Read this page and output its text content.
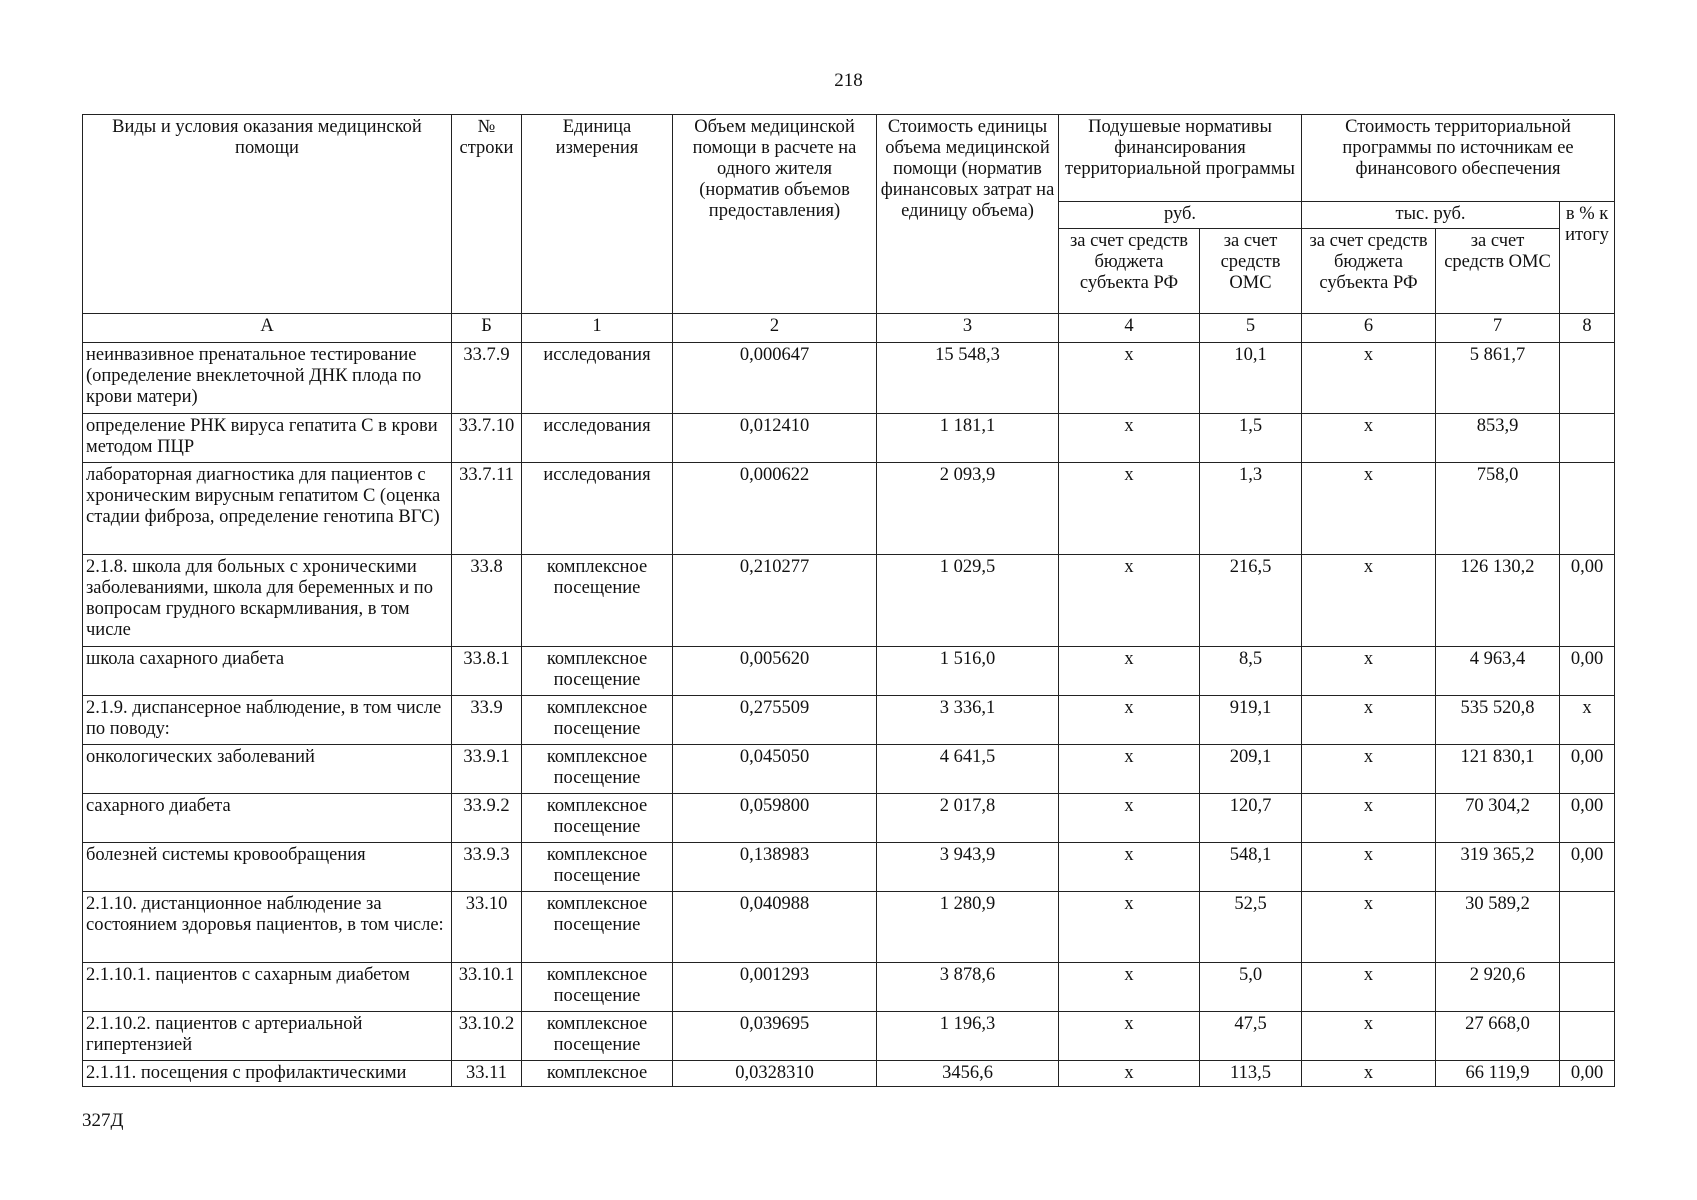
218
Виды и условия оказания медицинской помощи	№ строки	Единица измерения	Объем медицинской помощи в расчете на одного жителя (норматив объемов предоставления)	Стоимость единицы объема медицинской помощи (норматив финансовых затрат на единицу объема)	Подушевые нормативы финансирования территориальной программы		Стоимость территориальной программы по источникам ее финансового обеспечения		
					руб.		тыс. руб.		в % к итогу
					за счет средств бюджета субъекта РФ	за счет средств ОМС	за счет средств бюджета субъекта РФ	за счет средств ОМС	
А	Б	1	2	3	4	5	6	7	8
неинвазивное пренатальное тестирование (определение внеклеточной ДНК плода по крови матери)	33.7.9	исследования	0,000647	15 548,3	x	10,1	x	5 861,7	
определение РНК вируса гепатита С в крови методом ПЦР	33.7.10	исследования	0,012410	1 181,1	x	1,5	x	853,9	
лабораторная диагностика для пациентов с хроническим вирусным гепатитом С (оценка стадии фиброза, определение генотипа ВГС)	33.7.11	исследования	0,000622	2 093,9	x	1,3	x	758,0	
2.1.8. школа для больных с хроническими заболеваниями, школа для беременных и по вопросам грудного вскармливания, в том числе	33.8	комплексное посещение	0,210277	1 029,5	x	216,5	x	126 130,2	0,00
школа сахарного диабета	33.8.1	комплексное посещение	0,005620	1 516,0	x	8,5	x	4 963,4	0,00
2.1.9. диспансерное наблюдение, в том числе по поводу:	33.9	комплексное посещение	0,275509	3 336,1	x	919,1	x	535 520,8	x
онкологических заболеваний	33.9.1	комплексное посещение	0,045050	4 641,5	x	209,1	x	121 830,1	0,00
сахарного диабета	33.9.2	комплексное посещение	0,059800	2 017,8	x	120,7	x	70 304,2	0,00
болезней системы кровообращения	33.9.3	комплексное посещение	0,138983	3 943,9	x	548,1	x	319 365,2	0,00
2.1.10. дистанционное наблюдение за состоянием здоровья пациентов, в том числе:	33.10	комплексное посещение	0,040988	1 280,9	x	52,5	x	30 589,2	
2.1.10.1. пациентов с сахарным диабетом	33.10.1	комплексное посещение	0,001293	3 878,6	x	5,0	x	2 920,6	
2.1.10.2. пациентов с артериальной гипертензией	33.10.2	комплексное посещение	0,039695	1 196,3	x	47,5	x	27 668,0	
2.1.11. посещения с профилактическими	33.11	комплексное	0,0328310	3456,6	x	113,5	x	66 119,9	0,00
327Д
